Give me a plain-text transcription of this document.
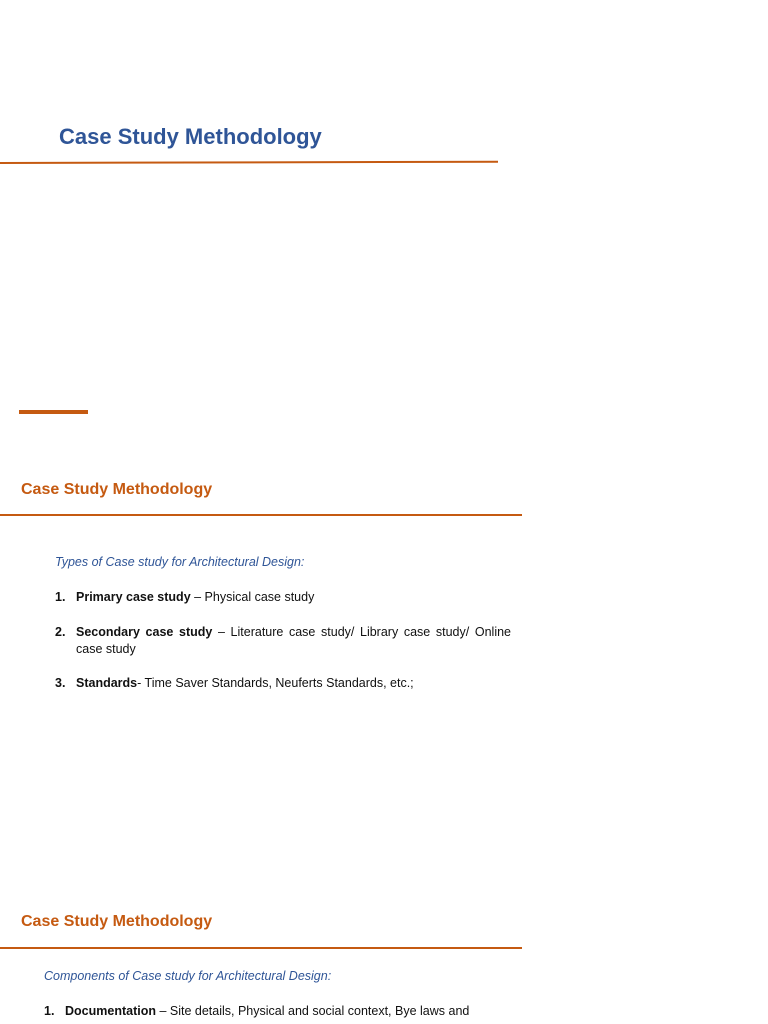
Case Study Methodology
Case Study Methodology

Types of Case study for Architectural Design:

1. Primary case study – Physical case study
2. Secondary case study – Literature case study/ Library case study/ Online case study
3. Standards- Time Saver Standards, Neuferts Standards, etc.;
Case Study Methodology

Components of Case study for Architectural Design:

1. Documentation – Site details, Physical and social context, Bye laws and
